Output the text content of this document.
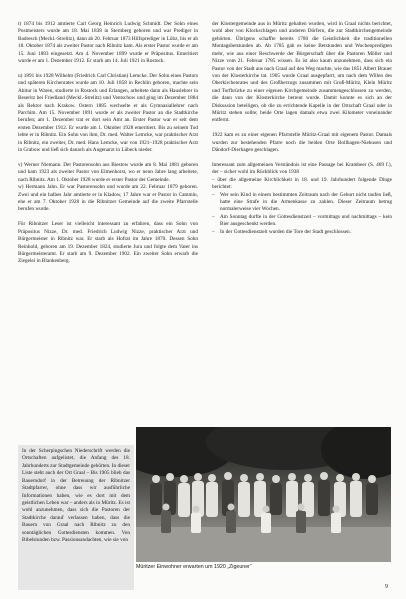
t) 1874 bis 1912 amtierte Carl Georg Heinrich Ludwig Schmidt. Der Sohn eines Postmeisters wurde am 18. Mai 1838 in Sternberg geboren und war Prediger in Badresch (Meckl.-Strelitz), dann ab 20. Februar 1873 Hilfsprediger in Lübz, bis er ab 18. Oktober 1874 als zweiter Pastor nach Ribnitz kam. Als erster Pastor wurde er am 15. Juni 1883 eingesetzt. Am 4. November 1899 wurde er Präpositus. Emeritiert wurde er am 1. Dezember 1912. Er starb am 14. Juli 1921 in Rostock.

u) 1891 bis 1928 Wilhelm (Friedrich Carl Christian) Lemcke. Der Sohn eines Pastors und späteren Kirchenrates wurde am 10. Juli 1858 in Rechlin geboren, machte sein Abitur in Waren, studierte in Rostock und Erlangen, arbeitete dann als Hauslehrer in Beseritz bei Friedland (Meckl.-Strelitz) und Ventschow und ging im Dezember 1884 als Rektor nach Krakow. Ostern 1885 wechselte er als Gymnasiallehrer nach Parchim. Am 15. November 1891 wurde er als zweiter Pastor an die Stadtkirche berufen; am 1. Dezember trat er dort sein Amt an. Erster Pastor war er seit dem ersten Dezember 1912. Er wurde am 1. Oktober 1928 emeritiert. Bis zu seinem Tod lebte er in Ribnitz. Ein Sohn von ihm, Dr. med. Walter Lemcke, war praktischer Arzt in Ribnitz, ein zweiter, Dr. med. Hans Lemcke, war von 1921–1928 praktischer Arzt in Grabow und ließ sich danach als Augenarzt in Lübeck nieder.

v) Werner Niemann. Der Pastorensohn aus Biestow wurde am 8. Mai 1881 geboren und kam 1923 als zweiter Pastor von Elmenhorst, wo er neun Jahre lang arbeitete, nach Ribnitz. Am 1. Oktober 1928 wurde er erster Pastor der Gemeinde.

w) Hermann Jahn. Er war Pastorensohn und wurde am 22. Februar 1879 geboren. Zwei und ein halbes Jahr amtierte er in Kladow, 17 Jahre war er Pastor in Cammin, ehe er am 7. Oktober 1928 in die Ribnitzer Gemeinde auf die zweite Pfarrstelle berufen wurde.

Für Ribnitzer Leser ist vielleicht interessant zu erfahren, dass ein Sohn von Präpositus Nizze, Dr. med. Friedrich Ludwig Nizze, praktischer Arzt und Bürgermeister in Ribnitz war. Er starb als Hofrat im Jahre 1870. Dessen Sohn Reinhold, geboren am 19. Dezember 1824, studierte Jura und folgte dem Vater ins Bürgermeisteramt. Er starb am 9. Dezember 1902. Ein zweiter Sohn erwarb die Ziegelei in Blankenberg.

In der Scherpingschen Niederschrift werden die Ortschaften aufgelistet, die Anfang des 18. Jahrhunderts zur Stadtgemeinde gehörten. In dieser Liste steht auch der Ort Graal – Bis 1905 blieb das Bauerndorf in der Betreuung der Ribnitzer Stadtpfarrer, ohne dass wir ausführliche Informationen haben, wie es dort mit dem geistlichen Leben war – anders als in Müritz. Es ist wohl anzunehmen, dass sich die Pastoren der Stadtkirche darauf verlassen haben, dass die Bauern von Graal nach Ribnitz zu den sonntäglichen Gottesdiensten kommen. Von Bibelstunden bzw. Passionsandachten, wie sie von

der Klostergemeinde aus in Müritz gehalten wurden, wird in Graal nichts berichtet, wohl aber von Klockschlagen und anderen Dörfern, die zur Stadtkirchengemeinde gehörten. Übrigens schaffte bereits 1780 die Geistlichkeit die traditionellen Montagsbetstunden ab. Ab 1785 gab es keine Betstunden und Wochenpredigten mehr, wie aus einer Beschwerde der Bürgerschaft über die Pastoren Möller und Nizze vom 21. Februar 1785 wissen. Es ist also kaum anzunehmen, dass sich ein Pastor von der Stadt aus nach Graal auf den Weg machte, wie das 1851 Albert Brauer von der Klosterkirche tat. 1905 wurde Graal ausgepfarrt, um nach dem Willen des Oberkirchenrates und des Großherzogs zusammen mit Groß-Müritz, Klein Müritz und Torfbrücke zu einer eigenen Kirchgemeinde zusammengeschlossen zu werden, die dann von der Klosterkirche betreut wurde. Damit konnte es sich an der Diskussion beteiligen, ob die zu errichtende Kapelle in der Ortschaft Graal oder in Müritz stehen sollte; beide Orte lagen damals etwa zwei Kilometer voneinander entfernt.

1922 kam es zu einer eigenen Pfarrstelle Müritz-Graal mit eigenem Pastor. Damals wurden zur bestehenden Pfarre noch die beiden Orte Bollhagen-Niehusen und Dändorf-Dierhagen geschlagen.

Interessant zum allgemeinen Verständnis ist eine Passage bei Krambeer (S. 469 f.), der – sicher wohl im Rückblick von 1938

– über die allgemeine Kirchlichkeit in 18. und 19. Jahrhundert folgende Dinge berichtet:

–	Wer sein Kind in einem bestimmten Zeitraum nach der Geburt nicht taufen ließ, hatte eine Strafe in die Armenkasse zu zahlen. Dieser Zeitraum betrug normalerweise vier Wochen.
–	Am Sonntag durfte in der Gottesdienstzeit – vormittags und nachmittags – kein Bier ausgeschenkt werden.
–	In der Gottesdienstzeit wurden die Tore der Stadt geschlossen.
Müritzer Einwohner erwarten um 1920 „Zigeuner“
9
